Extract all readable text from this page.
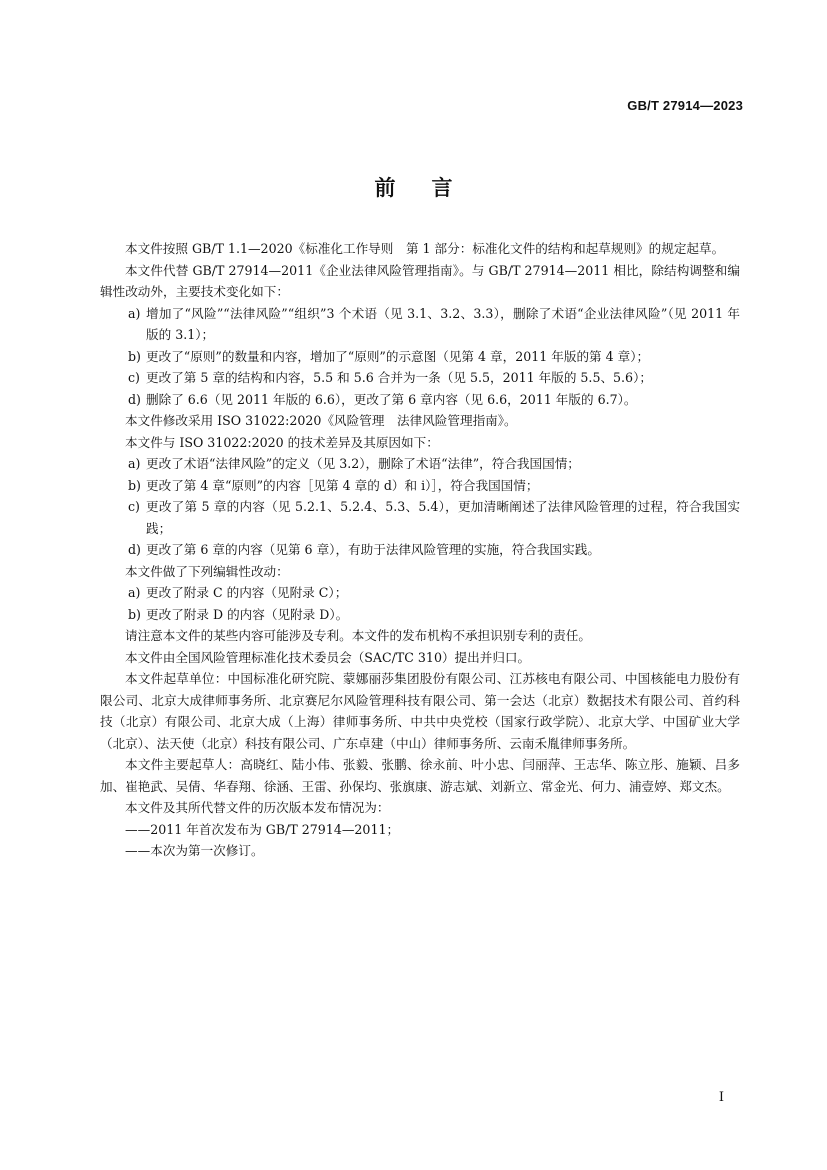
GB/T 27914—2023
前言

本文件按照 GB/T 1.1—2020《标准化工作导则　第 1 部分：标准化文件的结构和起草规则》的规定起草。

本文件代替 GB/T 27914—2011《企业法律风险管理指南》。与 GB/T 27914—2011 相比，除结构调整和编辑性改动外，主要技术变化如下：

a) 增加了“风险”“法律风险”“组织”3 个术语（见 3.1、3.2、3.3），删除了术语“企业法律风险”（见 2011 年版的 3.1）；

b) 更改了“原则”的数量和内容，增加了“原则”的示意图（见第 4 章，2011 年版的第 4 章）；

c) 更改了第 5 章的结构和内容，5.5 和 5.6 合并为一条（见 5.5，2011 年版的 5.5、5.6）；

d) 删除了 6.6（见 2011 年版的 6.6），更改了第 6 章内容（见 6.6，2011 年版的 6.7）。

本文件修改采用 ISO 31022:2020《风险管理　法律风险管理指南》。

本文件与 ISO 31022:2020 的技术差异及其原因如下：

a) 更改了术语“法律风险”的定义（见 3.2），删除了术语“法律”，符合我国国情；

b) 更改了第 4 章“原则”的内容［见第 4 章的 d）和 i）］，符合我国国情；

c) 更改了第 5 章的内容（见 5.2.1、5.2.4、5.3、5.4），更加清晰阐述了法律风险管理的过程，符合我国实践；

d) 更改了第 6 章的内容（见第 6 章），有助于法律风险管理的实施，符合我国实践。

本文件做了下列编辑性改动：

a) 更改了附录 C 的内容（见附录 C）；

b) 更改了附录 D 的内容（见附录 D）。

请注意本文件的某些内容可能涉及专利。本文件的发布机构不承担识别专利的责任。

本文件由全国风险管理标准化技术委员会（SAC/TC 310）提出并归口。

本文件起草单位：中国标准化研究院、蒙娜丽莎集团股份有限公司、江苏核电有限公司、中国核能电力股份有限公司、北京大成律师事务所、北京赛尼尔风险管理科技有限公司、第一会达（北京）数据技术有限公司、首约科技（北京）有限公司、北京大成（上海）律师事务所、中共中央党校（国家行政学院）、北京大学、中国矿业大学（北京）、法天使（北京）科技有限公司、广东卓建（中山）律师事务所、云南禾胤律师事务所。

本文件主要起草人：高晓红、陆小伟、张毅、张鹏、徐永前、叶小忠、闫丽萍、王志华、陈立彤、施颖、吕多加、崔艳武、吴倩、华春翔、徐涵、王雷、孙保均、张旗康、游志斌、刘新立、常金光、何力、浦壹婷、郑文杰。

本文件及其所代替文件的历次版本发布情况为：

——2011 年首次发布为 GB/T 27914—2011；

——本次为第一次修订。

I
